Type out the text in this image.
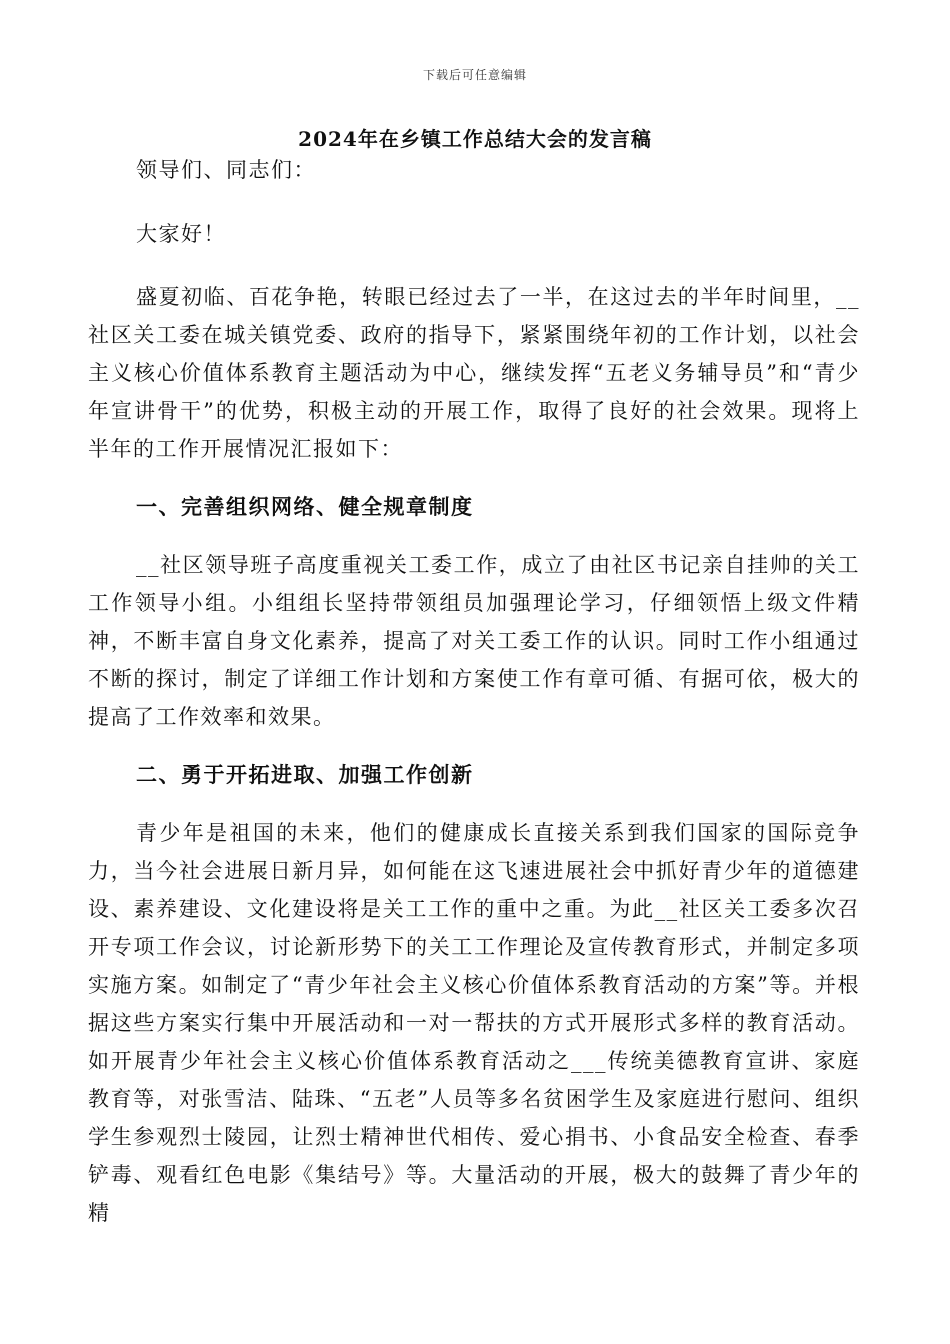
下载后可任意编辑
2024年在乡镇工作总结大会的发言稿

领导们、同志们：

大家好！

盛夏初临、百花争艳，转眼已经过去了一半，在这过去的半年时间里，__社区关工委在城关镇党委、政府的指导下，紧紧围绕年初的工作计划，以社会主义核心价值体系教育主题活动为中心，继续发挥“五老义务辅导员”和“青少年宣讲骨干”的优势，积极主动的开展工作，取得了良好的社会效果。现将上半年的工作开展情况汇报如下：

一、完善组织网络、健全规章制度

__社区领导班子高度重视关工委工作，成立了由社区书记亲自挂帅的关工工作领导小组。小组组长坚持带领组员加强理论学习，仔细领悟上级文件精神，不断丰富自身文化素养，提高了对关工委工作的认识。同时工作小组通过不断的探讨，制定了详细工作计划和方案使工作有章可循、有据可依，极大的提高了工作效率和效果。

二、勇于开拓进取、加强工作创新

青少年是祖国的未来，他们的健康成长直接关系到我们国家的国际竞争力，当今社会进展日新月异，如何能在这飞速进展社会中抓好青少年的道德建设、素养建设、文化建设将是关工工作的重中之重。为此__社区关工委多次召开专项工作会议，讨论新形势下的关工工作理论及宣传教育形式，并制定多项实施方案。如制定了“青少年社会主义核心价值体系教育活动的方案”等。并根据这些方案实行集中开展活动和一对一帮扶的方式开展形式多样的教育活动。如开展青少年社会主义核心价值体系教育活动之___传统美德教育宣讲、家庭教育等，对张雪洁、陆珠、“五老”人员等多名贫困学生及家庭进行慰问、组织学生参观烈士陵园，让烈士精神世代相传、爱心捐书、小食品安全检查、春季铲毒、观看红色电影《集结号》等。大量活动的开展，极大的鼓舞了青少年的精
